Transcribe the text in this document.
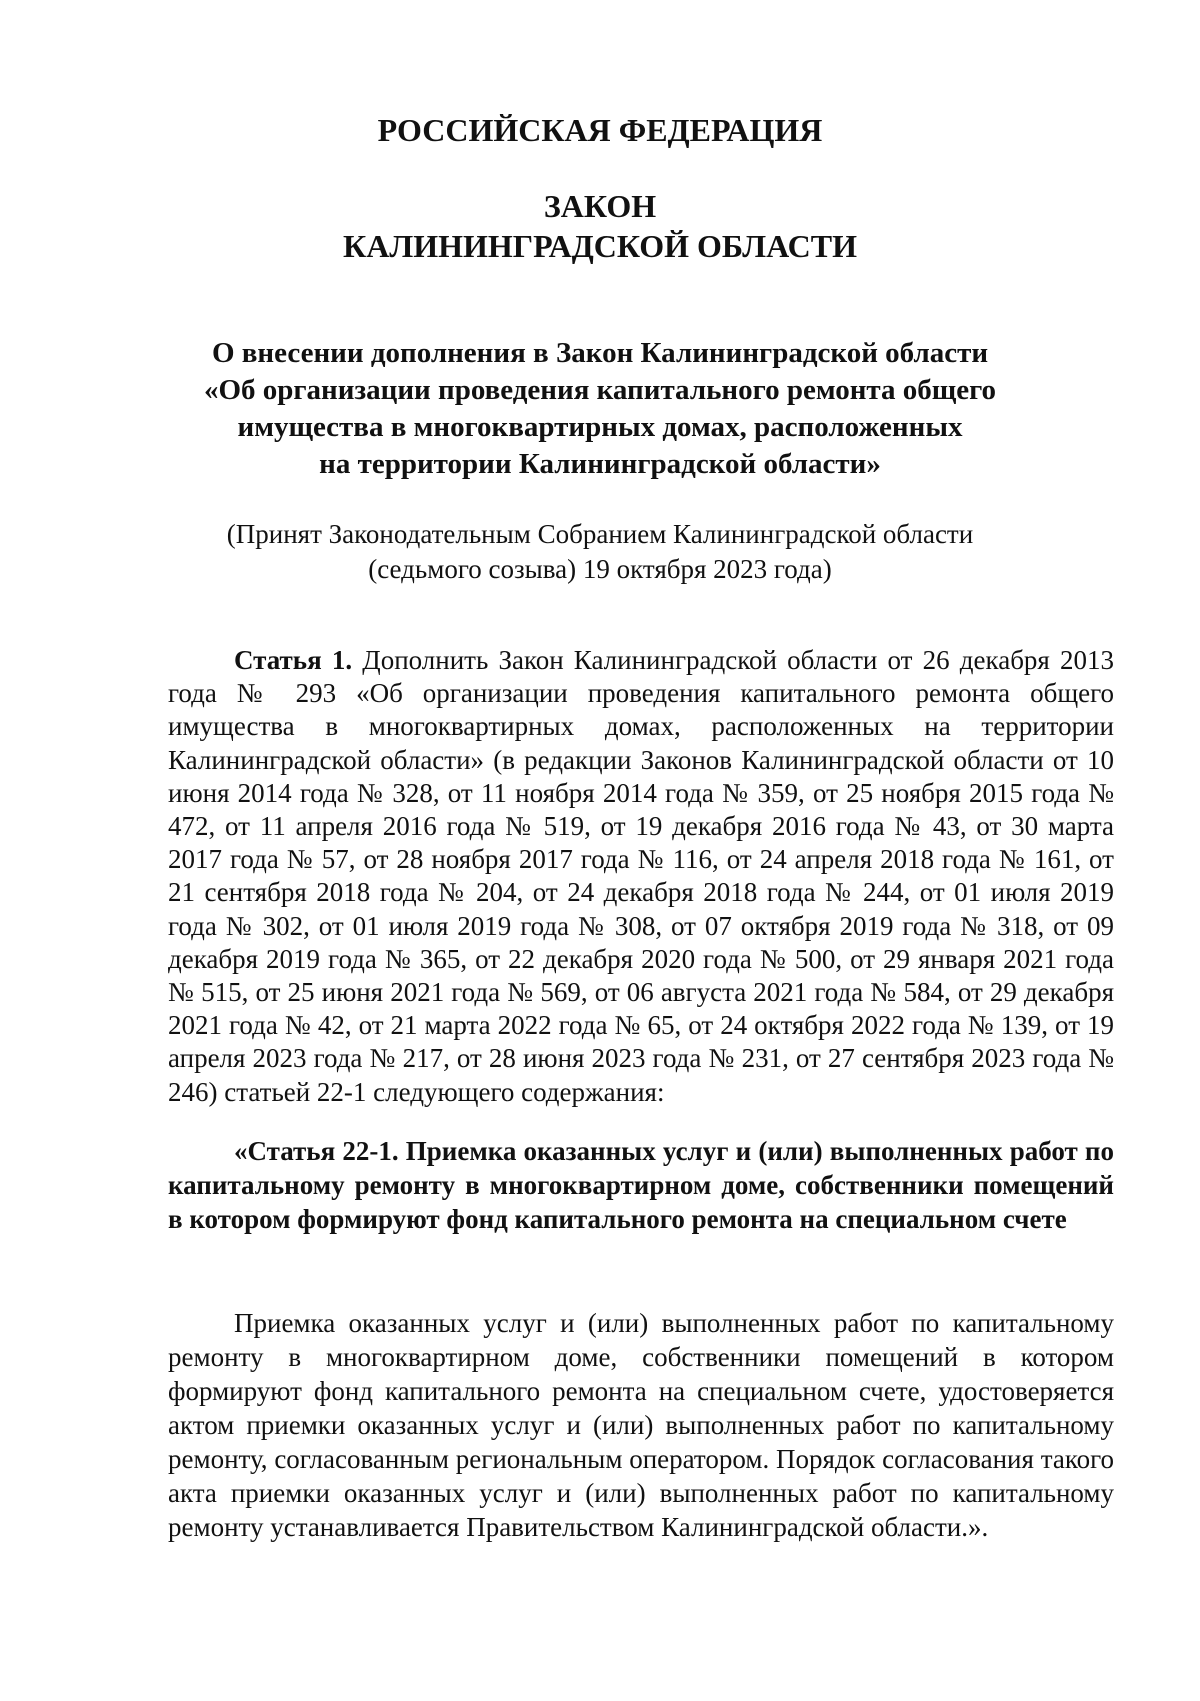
РОССИЙСКАЯ ФЕДЕРАЦИЯ
ЗАКОН
КАЛИНИНГРАДСКОЙ ОБЛАСТИ
О внесении дополнения в Закон Калининградской области
«Об организации проведения капитального ремонта общего
имущества в многоквартирных домах, расположенных
на территории Калининградской области»
(Принят Законодательным Собранием Калининградской области
(седьмого созыва) 19 октября 2023 года)

Статья 1. Дополнить Закон Калининградской области от 26 декабря 2013 года № 293 «Об организации проведения капитального ремонта общего имущества в многоквартирных домах, расположенных на территории Калининградской области» (в редакции Законов Калининградской области от 10 июня 2014 года № 328, от 11 ноября 2014 года № 359, от 25 ноября 2015 года № 472, от 11 апреля 2016 года № 519, от 19 декабря 2016 года № 43, от 30 марта 2017 года № 57, от 28 ноября 2017 года № 116, от 24 апреля 2018 года № 161, от 21 сентября 2018 года № 204, от 24 декабря 2018 года № 244, от 01 июля 2019 года № 302, от 01 июля 2019 года № 308, от 07 октября 2019 года № 318, от 09 декабря 2019 года № 365, от 22 декабря 2020 года № 500, от 29 января 2021 года № 515, от 25 июня 2021 года № 569, от 06 августа 2021 года № 584, от 29 декабря 2021 года № 42, от 21 марта 2022 года № 65, от 24 октября 2022 года № 139, от 19 апреля 2023 года № 217, от 28 июня 2023 года № 231, от 27 сентября 2023 года № 246) статьей 22-1 следующего содержания:

«Статья 22-1. Приемка оказанных услуг и (или) выполненных работ по капитальному ремонту в многоквартирном доме, собственники помещений в котором формируют фонд капитального ремонта на специальном счете

Приемка оказанных услуг и (или) выполненных работ по капитальному ремонту в многоквартирном доме, собственники помещений в котором формируют фонд капитального ремонта на специальном счете, удостоверяется актом приемки оказанных услуг и (или) выполненных работ по капитальному ремонту, согласованным региональным оператором. Порядок согласования такого акта приемки оказанных услуг и (или) выполненных работ по капитальному ремонту устанавливается Правительством Калининградской области.».
